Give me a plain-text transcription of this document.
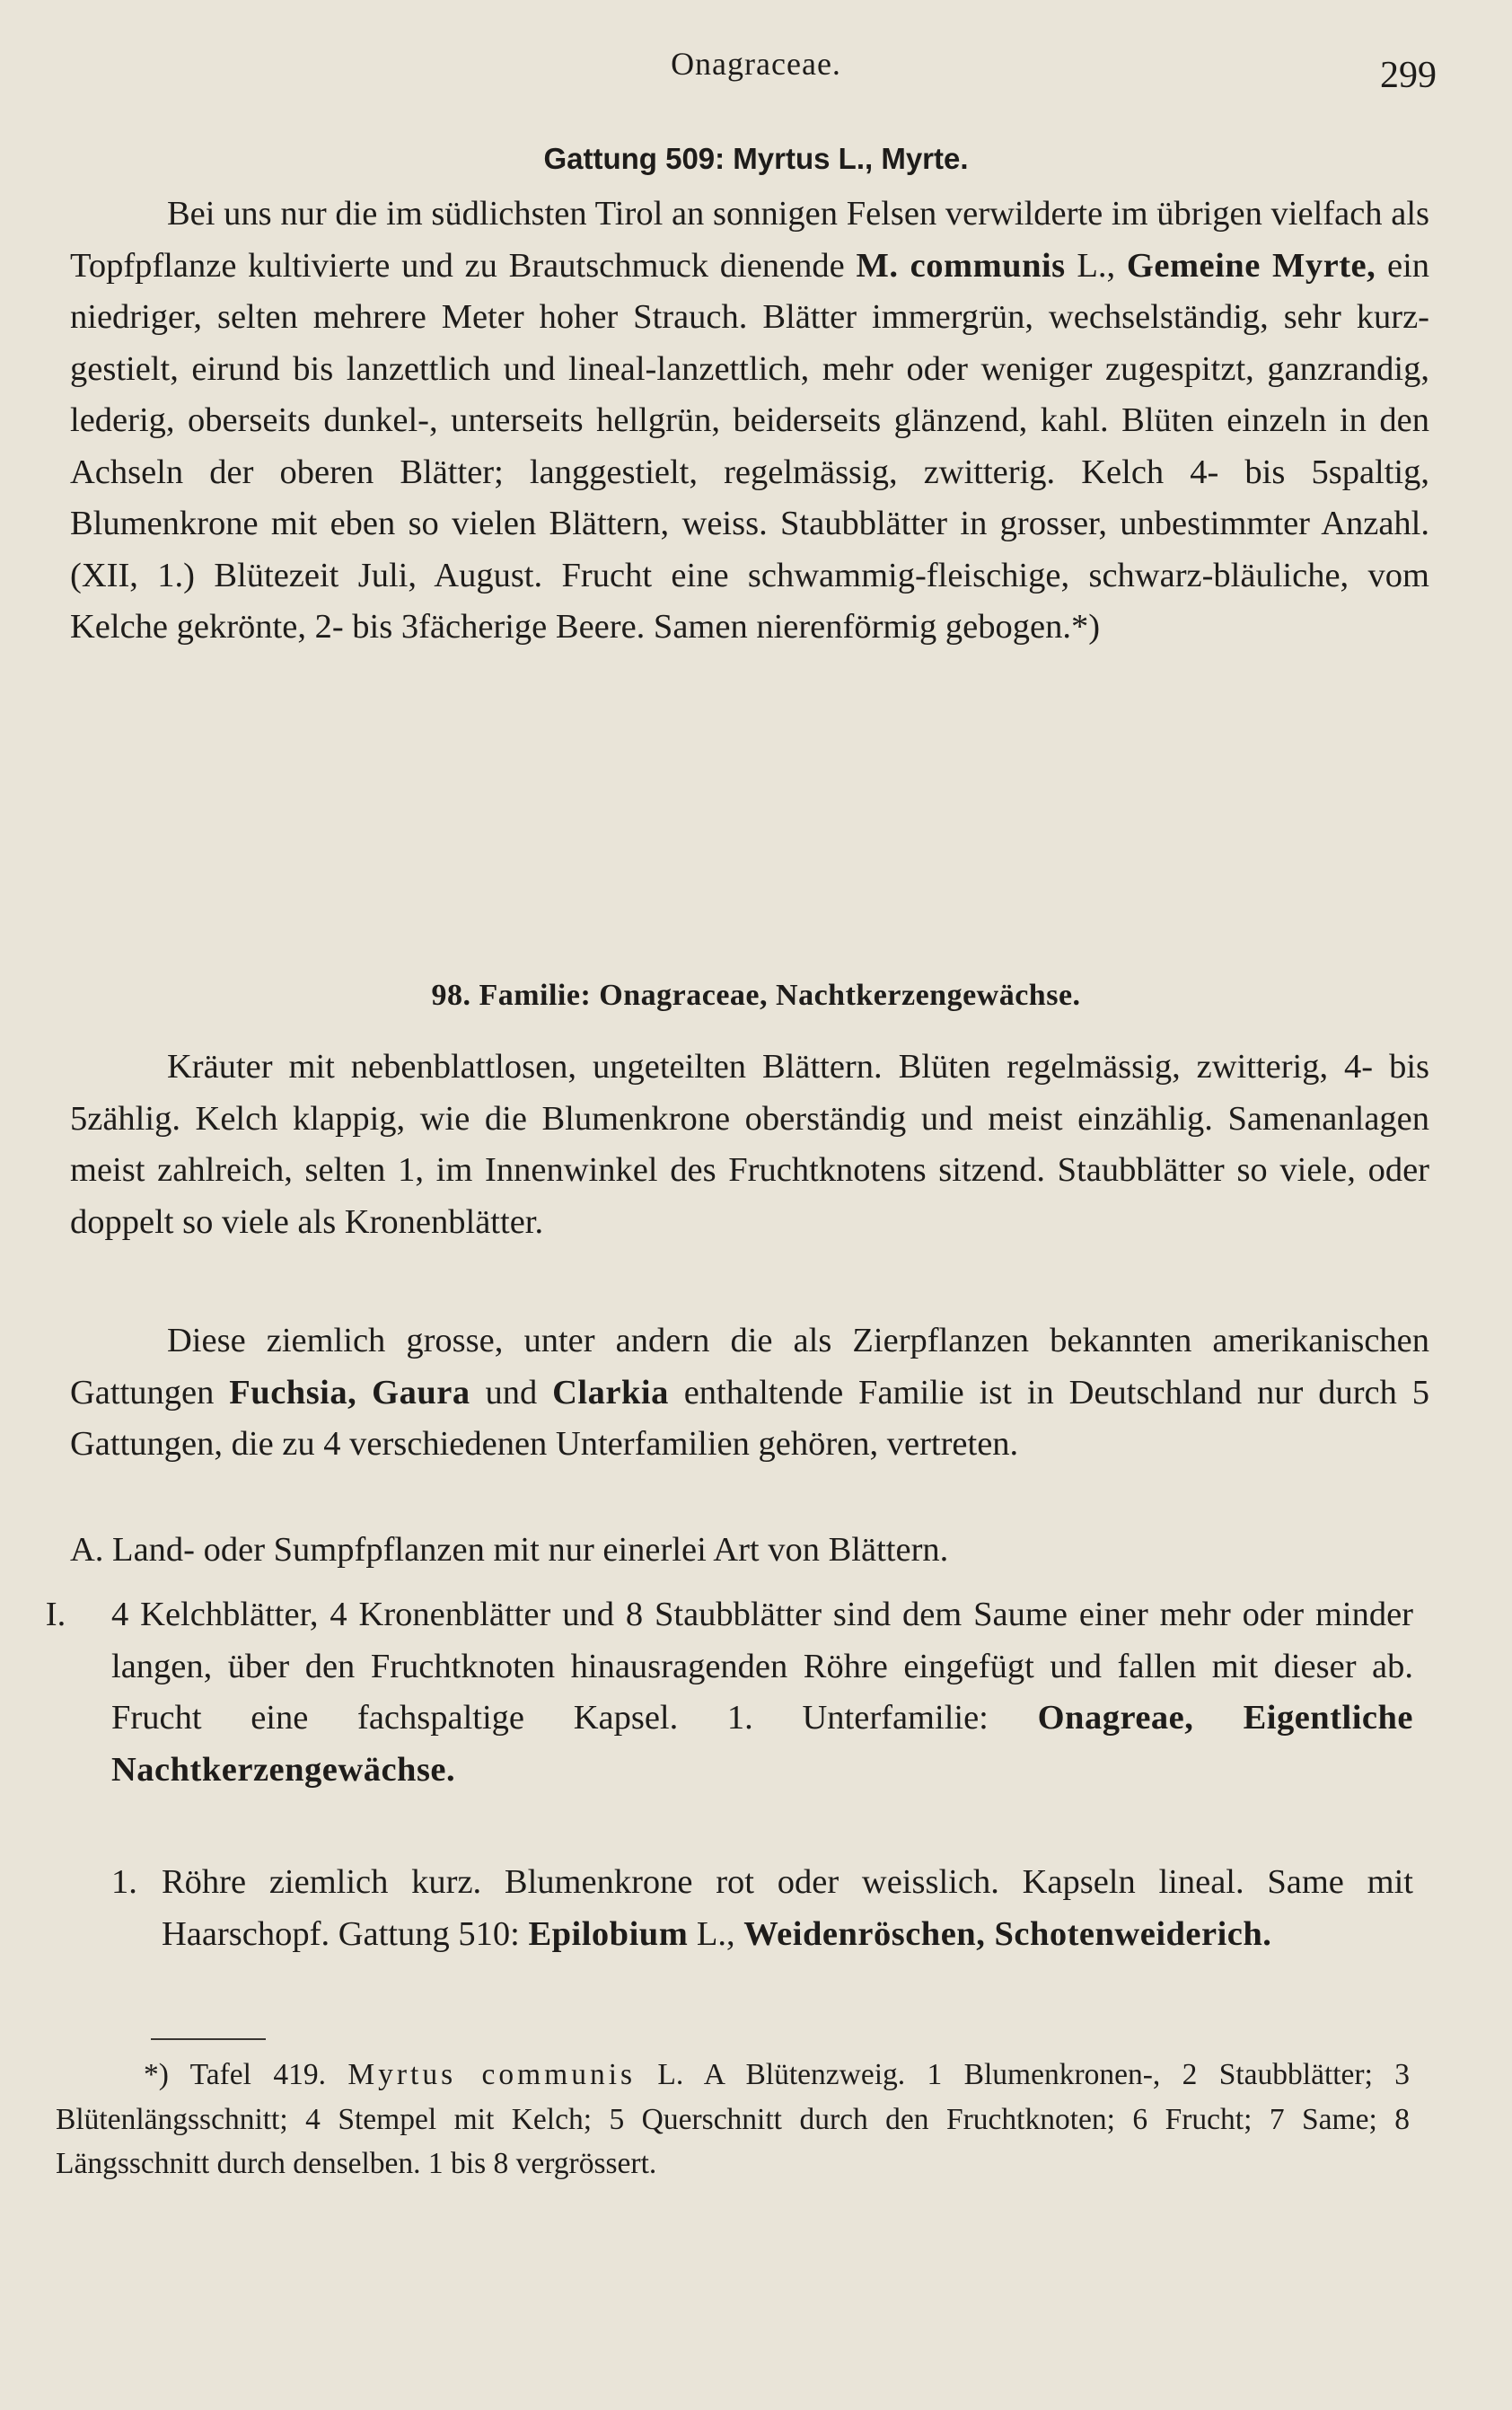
Onagraceae.	299
Gattung 509: Myrtus L., Myrte.
Bei uns nur die im südlichsten Tirol an sonnigen Felsen verwilderte im übrigen vielfach als Topfpflanze kultivierte und zu Brautschmuck dienende M. communis L., Gemeine Myrte, ein niedriger, selten mehrere Meter hoher Strauch. Blätter immergrün, wechselständig, sehr kurz-gestielt, eirund bis lanzettlich und lineal-lanzettlich, mehr oder weniger zugespitzt, ganzrandig, lederig, oberseits dunkel-, unterseits hellgrün, beiderseits glänzend, kahl. Blüten einzeln in den Achseln der oberen Blätter; langgestielt, regelmässig, zwitterig. Kelch 4- bis 5spaltig, Blumenkrone mit eben so vielen Blättern, weiss. Staubblätter in grosser, unbestimmter Anzahl. (XII, 1.) Blütezeit Juli, August. Frucht eine schwammig-fleischige, schwarz-bläuliche, vom Kelche gekrönte, 2- bis 3fächerige Beere. Samen nierenförmig gebogen.*)
98. Familie: Onagraceae, Nachtkerzengewächse.
Kräuter mit nebenblattlosen, ungeteilten Blättern. Blüten regelmässig, zwitterig, 4- bis 5zählig. Kelch klappig, wie die Blumenkrone oberständig und meist einzählig. Samenanlagen meist zahlreich, selten 1, im Innenwinkel des Fruchtknotens sitzend. Staubblätter so viele, oder doppelt so viele als Kronenblätter.
Diese ziemlich grosse, unter andern die als Zierpflanzen bekannten amerikanischen Gattungen Fuchsia, Gaura und Clarkia enthaltende Familie ist in Deutschland nur durch 5 Gattungen, die zu 4 verschiedenen Unterfamilien gehören, vertreten.
A. Land- oder Sumpfpflanzen mit nur einerlei Art von Blättern.
I.	4 Kelchblätter, 4 Kronenblätter und 8 Staubblätter sind dem Saume einer mehr oder minder langen, über den Fruchtknoten hinausragenden Röhre eingefügt und fallen mit dieser ab. Frucht eine fachspaltige Kapsel. 1. Unterfamilie: Onagreae, Eigentliche Nachtkerzengewächse.
1. Röhre ziemlich kurz. Blumenkrone rot oder weisslich. Kapseln lineal. Same mit Haarschopf. Gattung 510: Epilobium L., Weidenröschen, Schotenweiderich.
*) Tafel 419. Myrtus communis L. A Blütenzweig. 1 Blumenkronen-, 2 Staubblätter; 3 Blütenlängsschnitt; 4 Stempel mit Kelch; 5 Querschnitt durch den Fruchtknoten; 6 Frucht; 7 Same; 8 Längsschnitt durch denselben. 1 bis 8 vergrössert.
